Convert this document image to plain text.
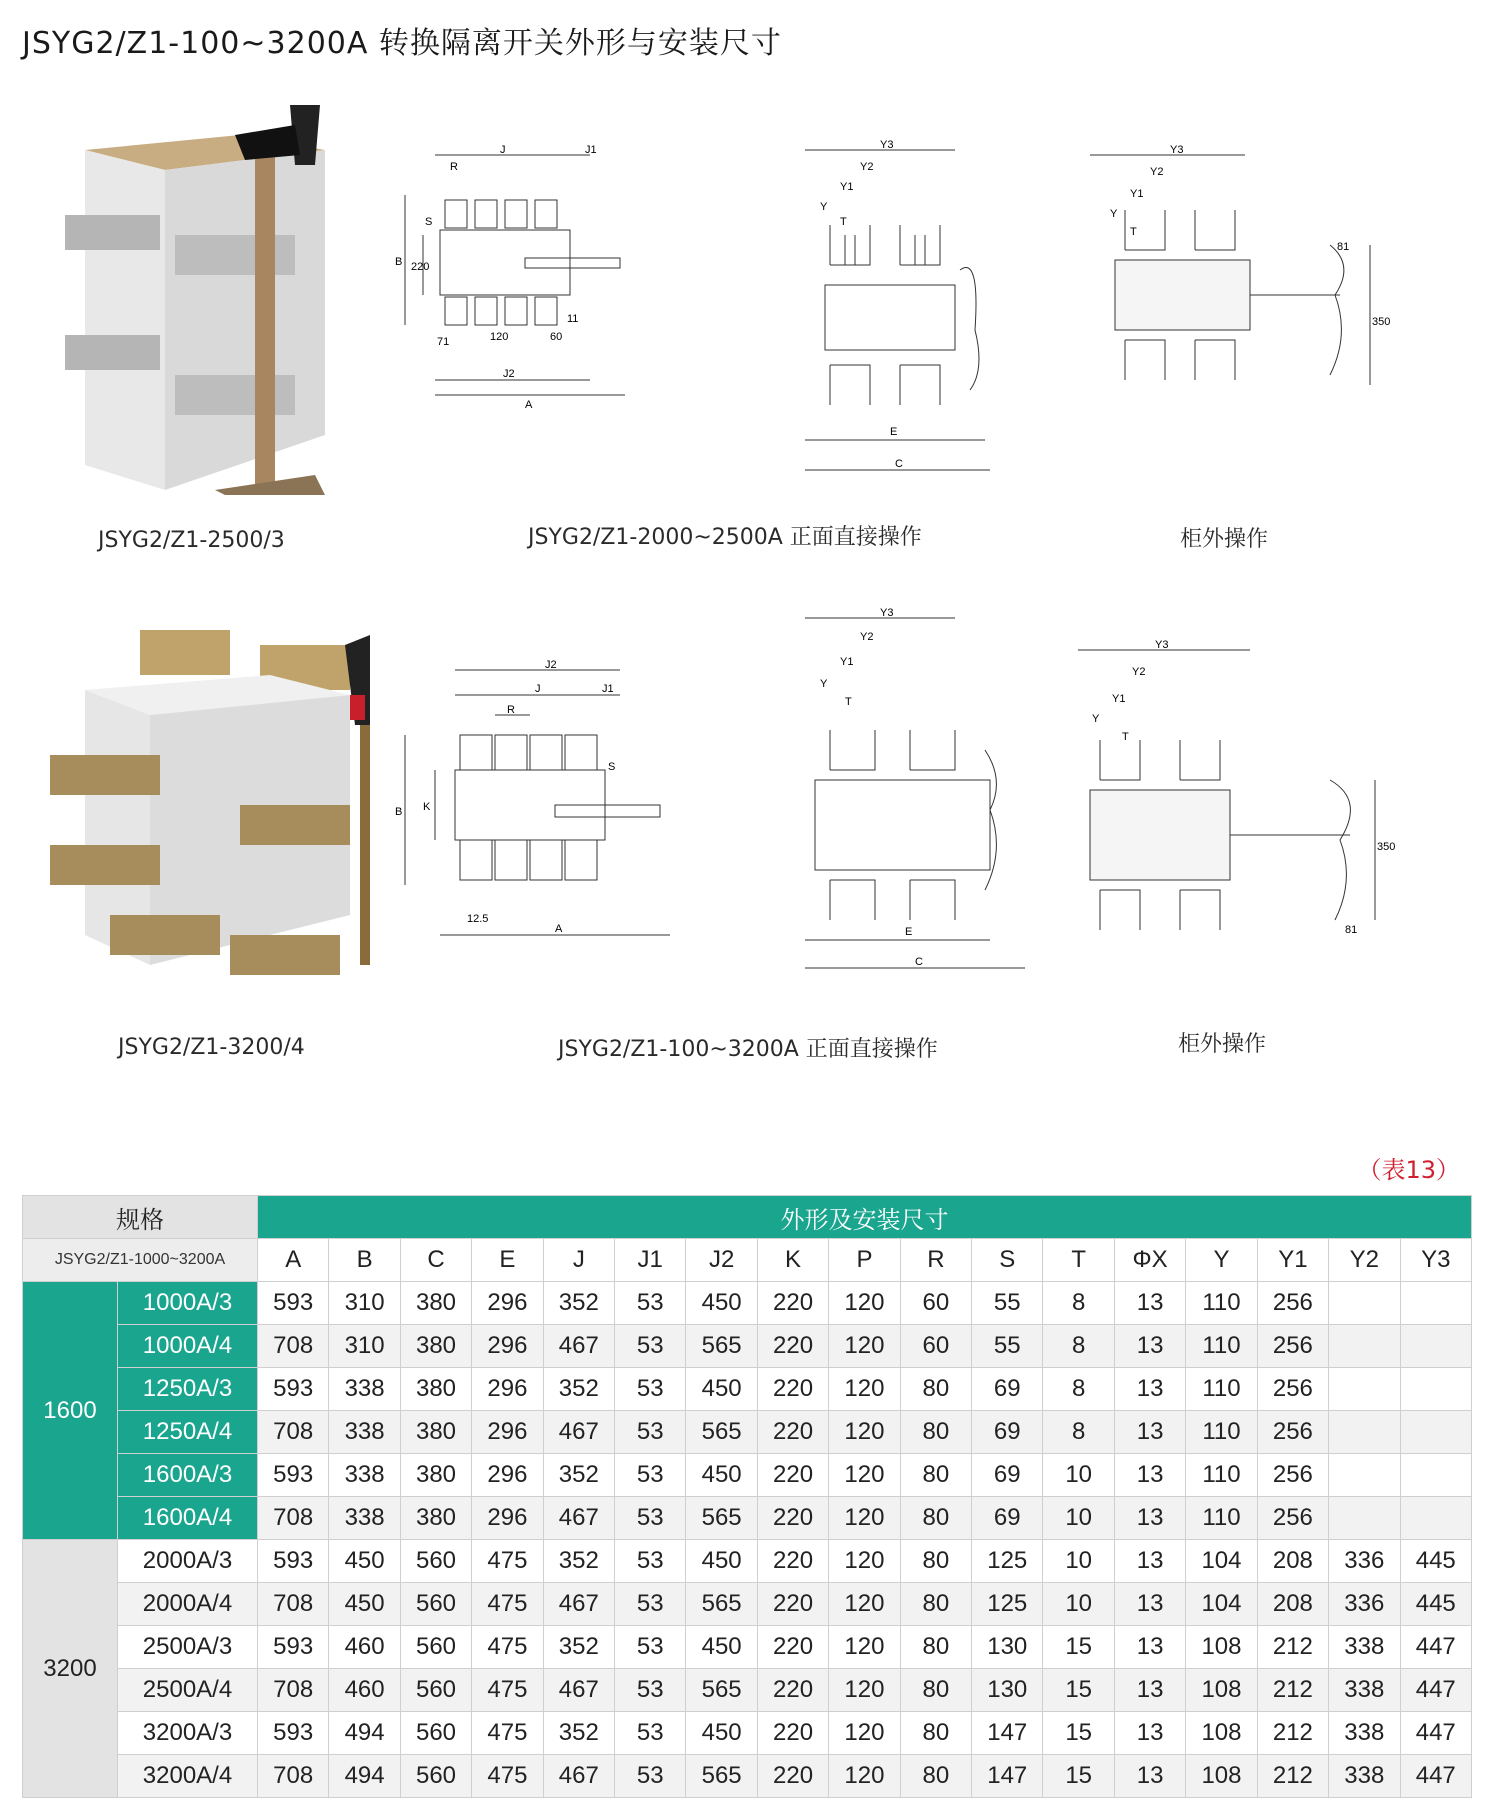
JSYG2/Z1-100~3200A 转换隔离开关外形与安装尺寸
R
J	J1
S
B 220
71	120	60
11
J2
A
Y3
Y2
Y1
Y
T
E
C
Y3
Y2
Y1
Y
T
81
350
JSYG2/Z1-2500/3	JSYG2/Z1-2000~2500A 正面直接操作	柜外操作
J2
J	J1
R
S
B K
12.5
A
Y3
Y2
Y1
Y
T
E
C
Y3
Y2
Y1
Y
T
350
81
JSYG2/Z1-3200/4	JSYG2/Z1-100~3200A 正面直接操作	柜外操作
（表13）
规格		外形及安装尺寸																
JSYG2/Z1-1000~3200A		A	B	C	E	J	J1	J2	K	P	R	S	T	ΦX	Y	Y1	Y2	Y3
1600	1000A/3	593	310	380	296	352	53	450	220	120	60	55	8	13	110	256		
	1000A/4	708	310	380	296	467	53	565	220	120	60	55	8	13	110	256		
	1250A/3	593	338	380	296	352	53	450	220	120	80	69	8	13	110	256		
	1250A/4	708	338	380	296	467	53	565	220	120	80	69	8	13	110	256		
	1600A/3	593	338	380	296	352	53	450	220	120	80	69	10	13	110	256		
	1600A/4	708	338	380	296	467	53	565	220	120	80	69	10	13	110	256		
3200	2000A/3	593	450	560	475	352	53	450	220	120	80	125	10	13	104	208	336	445
	2000A/4	708	450	560	475	467	53	565	220	120	80	125	10	13	104	208	336	445
	2500A/3	593	460	560	475	352	53	450	220	120	80	130	15	13	108	212	338	447
	2500A/4	708	460	560	475	467	53	565	220	120	80	130	15	13	108	212	338	447
	3200A/3	593	494	560	475	352	53	450	220	120	80	147	15	13	108	212	338	447
	3200A/4	708	494	560	475	467	53	565	220	120	80	147	15	13	108	212	338	447
